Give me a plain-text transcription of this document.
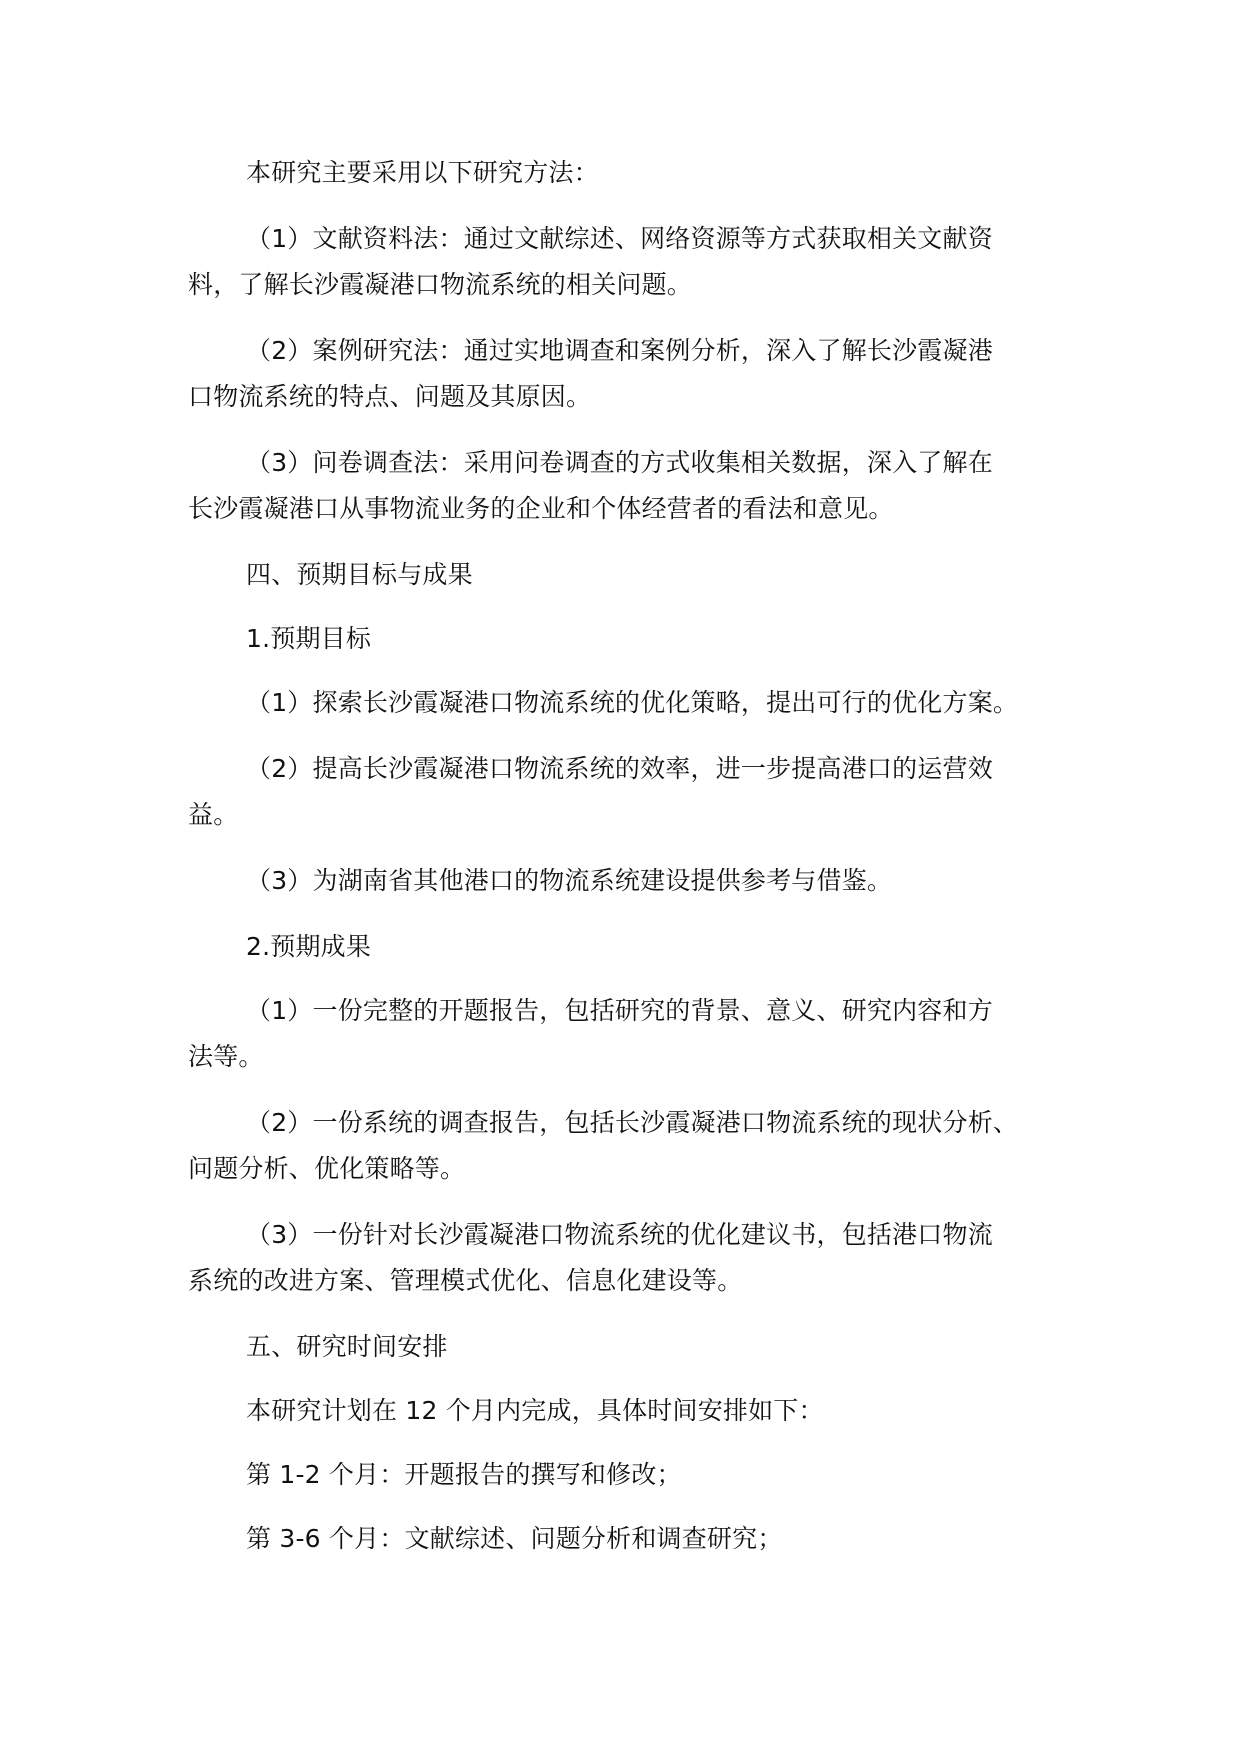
本研究主要采用以下研究方法：

（1）文献资料法：通过文献综述、网络资源等方式获取相关文献资
料，了解长沙霞凝港口物流系统的相关问题。

（2）案例研究法：通过实地调查和案例分析，深入了解长沙霞凝港
口物流系统的特点、问题及其原因。

（3）问卷调查法：采用问卷调查的方式收集相关数据，深入了解在
长沙霞凝港口从事物流业务的企业和个体经营者的看法和意见。

四、预期目标与成果

1.预期目标

（1）探索长沙霞凝港口物流系统的优化策略，提出可行的优化方案。

（2）提高长沙霞凝港口物流系统的效率，进一步提高港口的运营效
益。

（3）为湖南省其他港口的物流系统建设提供参考与借鉴。

2.预期成果

（1）一份完整的开题报告，包括研究的背景、意义、研究内容和方
法等。

（2）一份系统的调查报告，包括长沙霞凝港口物流系统的现状分析、
问题分析、优化策略等。

（3）一份针对长沙霞凝港口物流系统的优化建议书，包括港口物流
系统的改进方案、管理模式优化、信息化建设等。

五、研究时间安排

本研究计划在 12 个月内完成，具体时间安排如下：

第 1-2 个月：开题报告的撰写和修改；

第 3-6 个月：文献综述、问题分析和调查研究；
